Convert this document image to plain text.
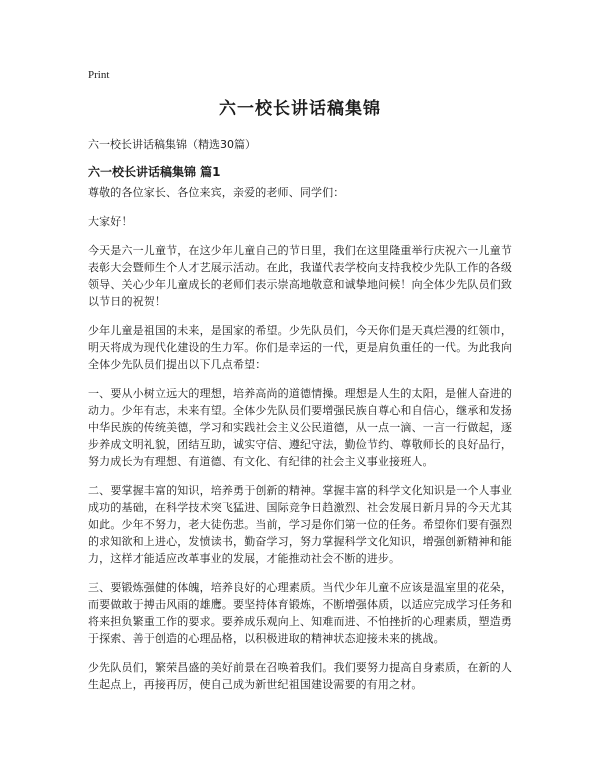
Print
六一校长讲话稿集锦

六一校长讲话稿集锦（精选30篇）

六一校长讲话稿集锦 篇1

尊敬的各位家长、各位来宾，亲爱的老师、同学们：

大家好！

今天是六一儿童节，在这少年儿童自己的节日里，我们在这里隆重举行庆祝六一儿童节表彰大会暨师生个人才艺展示活动。在此，我谨代表学校向支持我校少先队工作的各级领导、关心少年儿童成长的老师们表示崇高地敬意和诚挚地问候！向全体少先队员们致以节日的祝贺！

少年儿童是祖国的未来，是国家的希望。少先队员们，今天你们是天真烂漫的红领巾，明天将成为现代化建设的生力军。你们是幸运的一代，更是肩负重任的一代。为此我向全体少先队员们提出以下几点希望：

一、要从小树立远大的理想，培养高尚的道德情操。理想是人生的太阳，是催人奋进的动力。少年有志，未来有望。全体少先队员们要增强民族自尊心和自信心，继承和发扬中华民族的传统美德，学习和实践社会主义公民道德，从一点一滴、一言一行做起，逐步养成文明礼貌，团结互助，诚实守信、遵纪守法，勤俭节约、尊敬师长的良好品行，努力成长为有理想、有道德、有文化、有纪律的社会主义事业接班人。

二、要掌握丰富的知识，培养勇于创新的精神。掌握丰富的科学文化知识是一个人事业成功的基础，在科学技术突飞猛进、国际竞争日趋激烈、社会发展日新月异的今天尤其如此。少年不努力，老大徒伤悲。当前，学习是你们第一位的任务。希望你们要有强烈的求知欲和上进心，发愤读书，勤奋学习，努力掌握科学文化知识，增强创新精神和能力，这样才能适应改革事业的发展，才能推动社会不断的进步。

三、要锻炼强健的体魄，培养良好的心理素质。当代少年儿童不应该是温室里的花朵，而要做敢于搏击风雨的雄鹰。要坚持体育锻炼，不断增强体质，以适应完成学习任务和将来担负繁重工作的要求。要养成乐观向上、知难而进、不怕挫折的心理素质，塑造勇于探索、善于创造的心理品格，以积极进取的精神状态迎接未来的挑战。

少先队员们，繁荣昌盛的美好前景在召唤着我们。我们要努力提高自身素质，在新的人生起点上，再接再厉，使自己成为新世纪祖国建设需要的有用之材。
